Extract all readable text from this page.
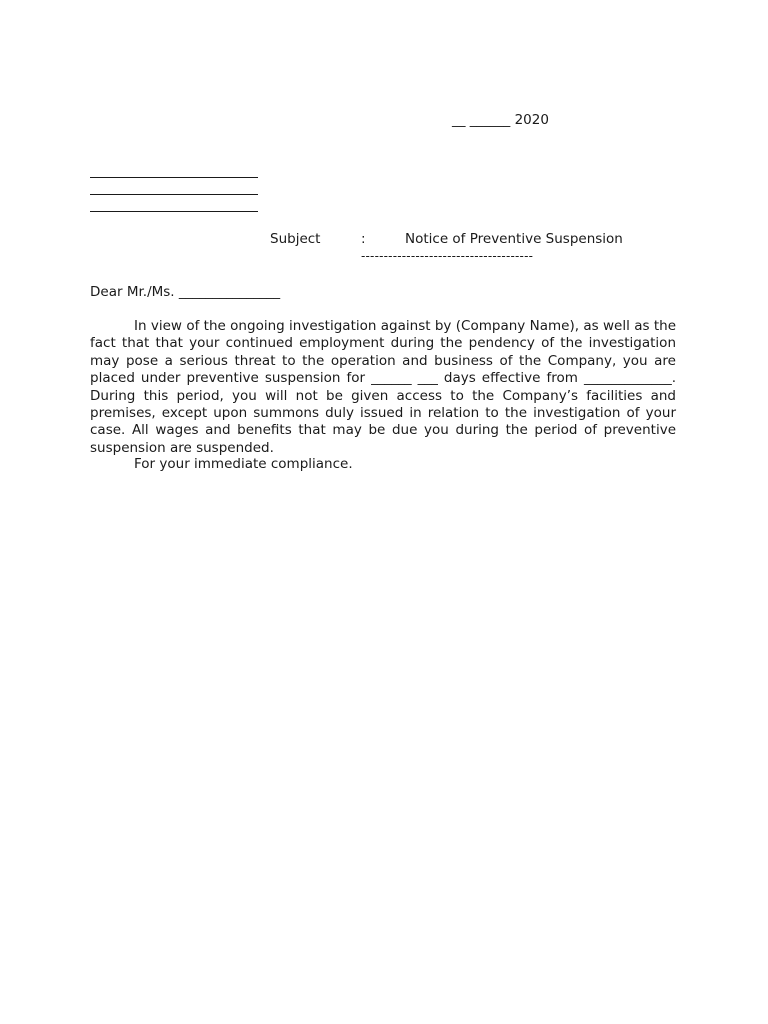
__ ______ 2020
Subject	:	Notice of Preventive Suspension
--------------------------------------
Dear Mr./Ms. _______________

In view of the ongoing investigation against by (Company Name), as well as the fact that that your continued employment during the pendency of the investigation may pose a serious threat to the operation and business of the Company, you are placed under preventive suspension for ______ ___ days effective from _____________. During this period, you will not be given access to the Company’s facilities and premises, except upon summons duly issued in relation to the investigation of your case. All wages and benefits that may be due you during the period of preventive suspension are suspended.

For your immediate compliance.
